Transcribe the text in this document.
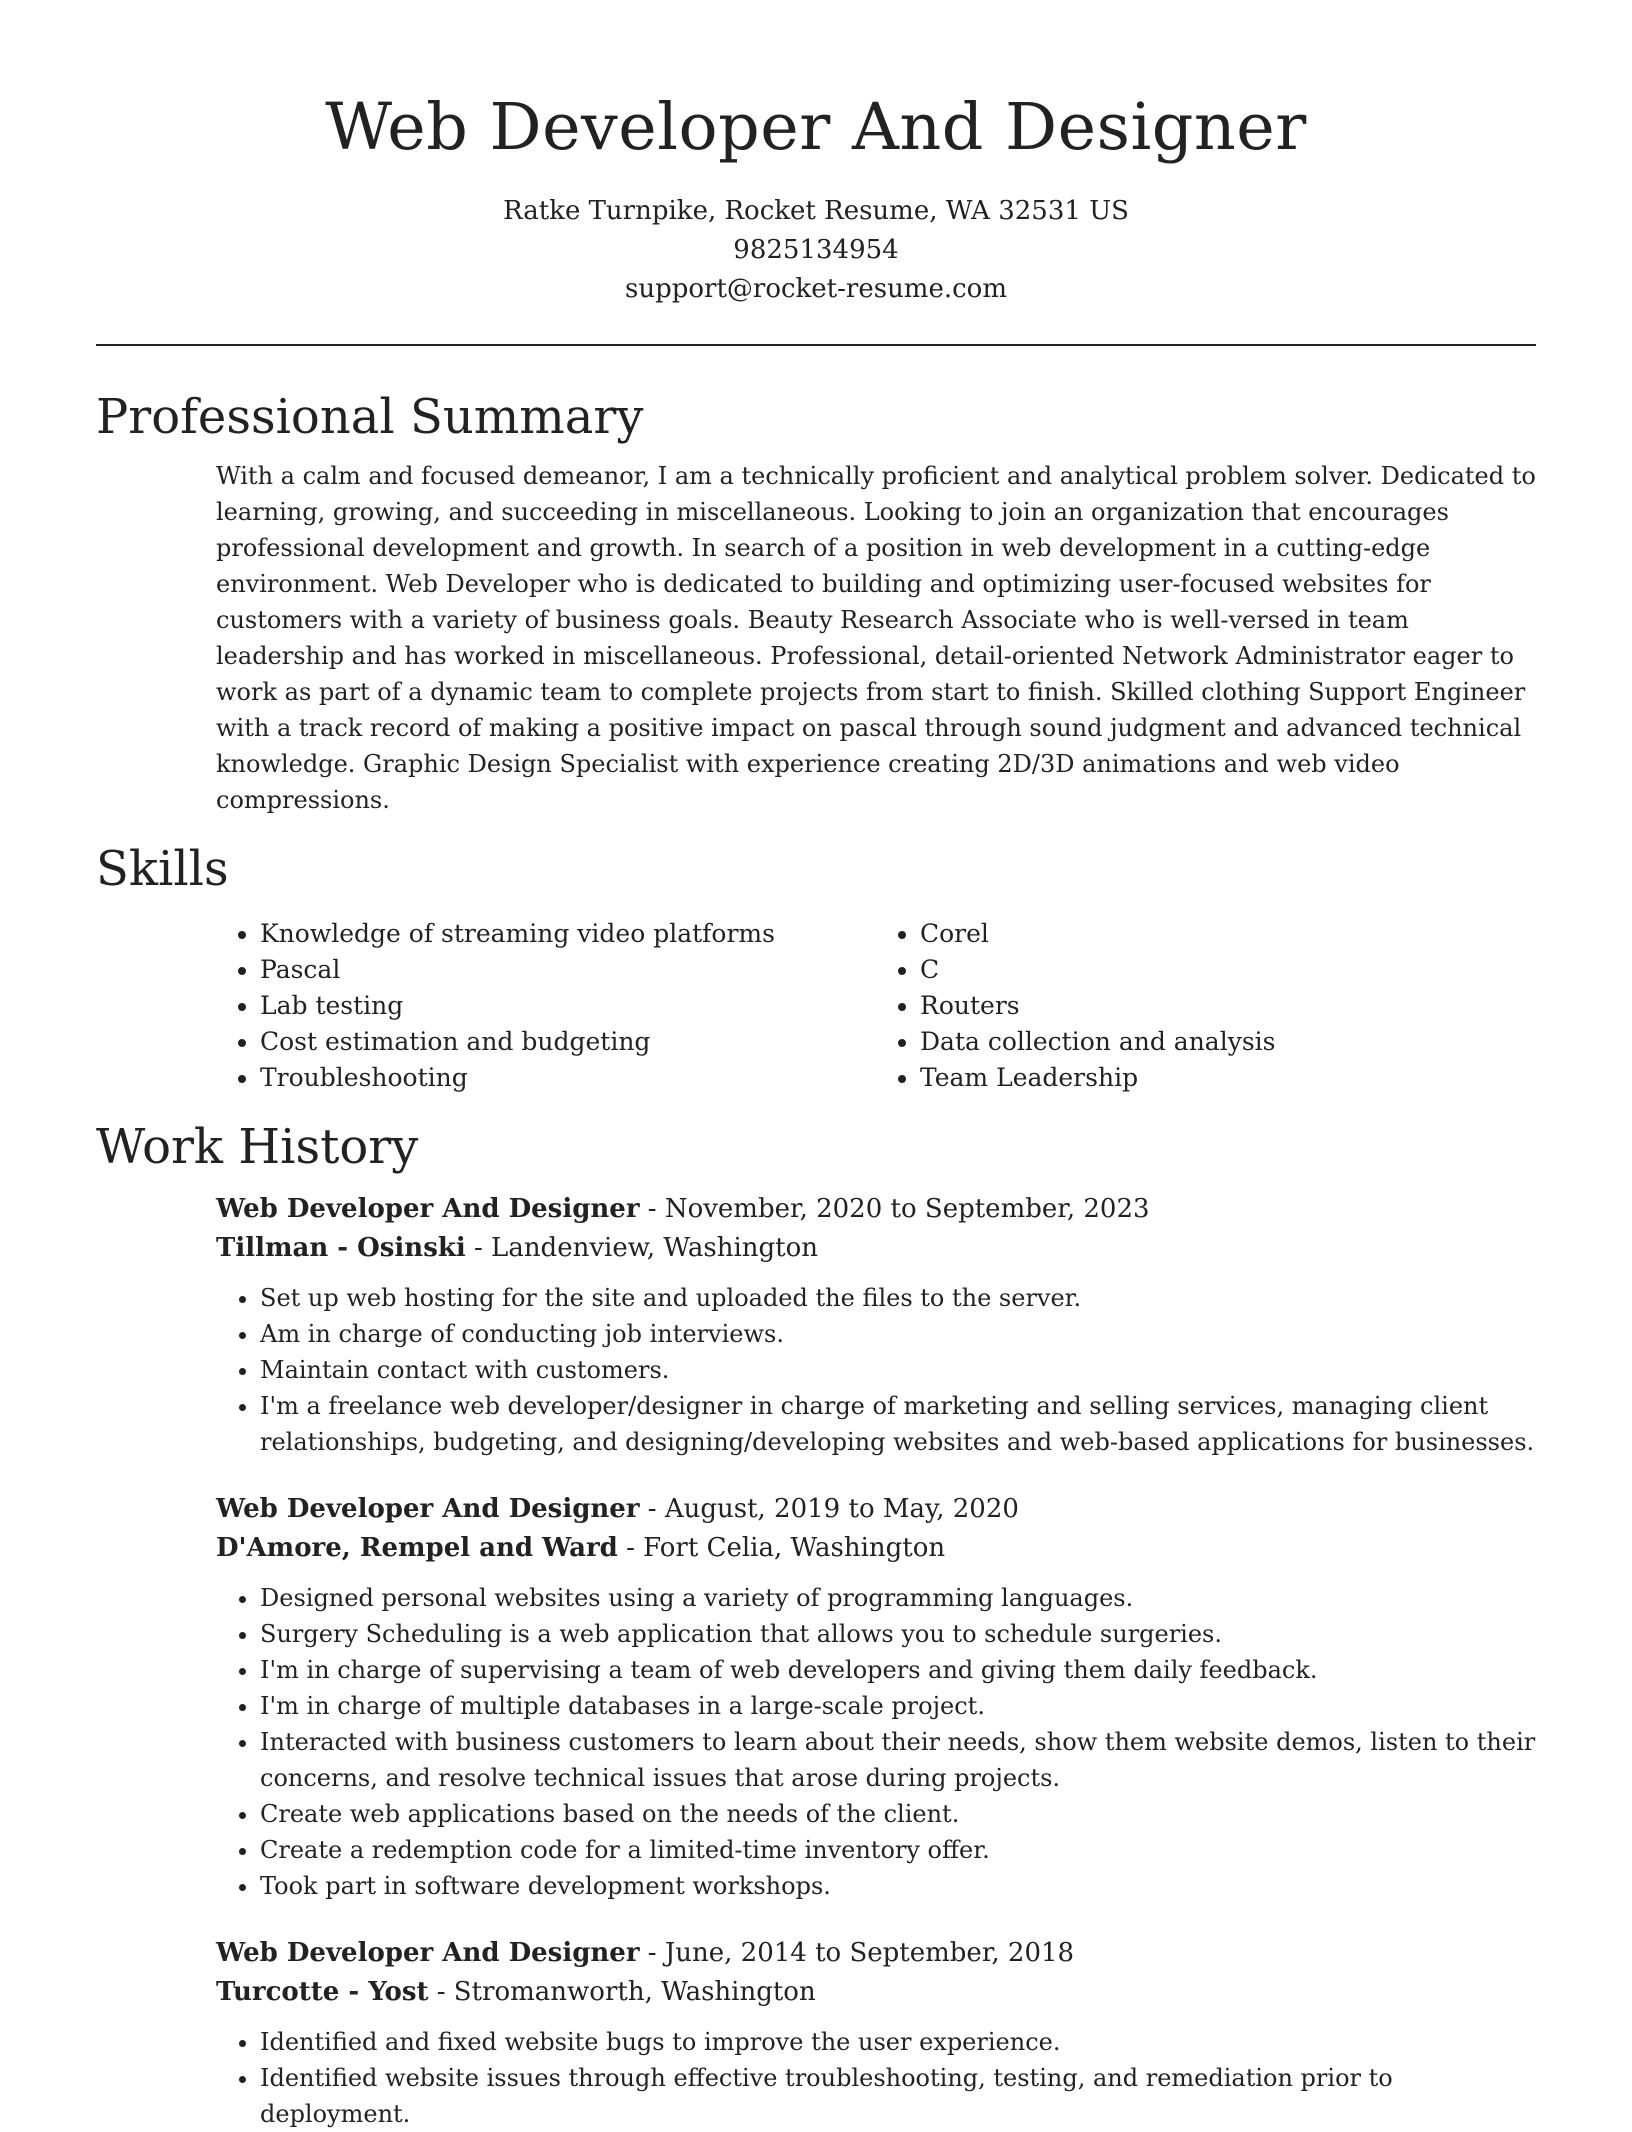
Web Developer And Designer
Ratke Turnpike, Rocket Resume, WA 32531 US
9825134954
support@rocket-resume.com
Professional Summary

With a calm and focused demeanor, I am a technically proficient and analytical problem solver. Dedicated to learning, growing, and succeeding in miscellaneous. Looking to join an organization that encourages professional development and growth. In search of a position in web development in a cutting-edge environment. Web Developer who is dedicated to building and optimizing user-focused websites for customers with a variety of business goals. Beauty Research Associate who is well-versed in team leadership and has worked in miscellaneous. Professional, detail-oriented Network Administrator eager to work as part of a dynamic team to complete projects from start to finish. Skilled clothing Support Engineer with a track record of making a positive impact on pascal through sound judgment and advanced technical knowledge. Graphic Design Specialist with experience creating 2D/3D animations and web video compressions.

Skills
• Knowledge of streaming video platforms
• Pascal
• Lab testing
• Cost estimation and budgeting
• Troubleshooting
• Corel
• C
• Routers
• Data collection and analysis
• Team Leadership
Work History
Web Developer And Designer - November, 2020 to September, 2023
Tillman - Osinski - Landenview, Washington
• Set up web hosting for the site and uploaded the files to the server.
• Am in charge of conducting job interviews.
• Maintain contact with customers.
• I'm a freelance web developer/designer in charge of marketing and selling services, managing client relationships, budgeting, and designing/developing websites and web-based applications for businesses.
Web Developer And Designer - August, 2019 to May, 2020
D'Amore, Rempel and Ward - Fort Celia, Washington
• Designed personal websites using a variety of programming languages.
• Surgery Scheduling is a web application that allows you to schedule surgeries.
• I'm in charge of supervising a team of web developers and giving them daily feedback.
• I'm in charge of multiple databases in a large-scale project.
• Interacted with business customers to learn about their needs, show them website demos, listen to their concerns, and resolve technical issues that arose during projects.
• Create web applications based on the needs of the client.
• Create a redemption code for a limited-time inventory offer.
• Took part in software development workshops.
Web Developer And Designer - June, 2014 to September, 2018
Turcotte - Yost - Stromanworth, Washington
• Identified and fixed website bugs to improve the user experience.
• Identified website issues through effective troubleshooting, testing, and remediation prior to deployment.
